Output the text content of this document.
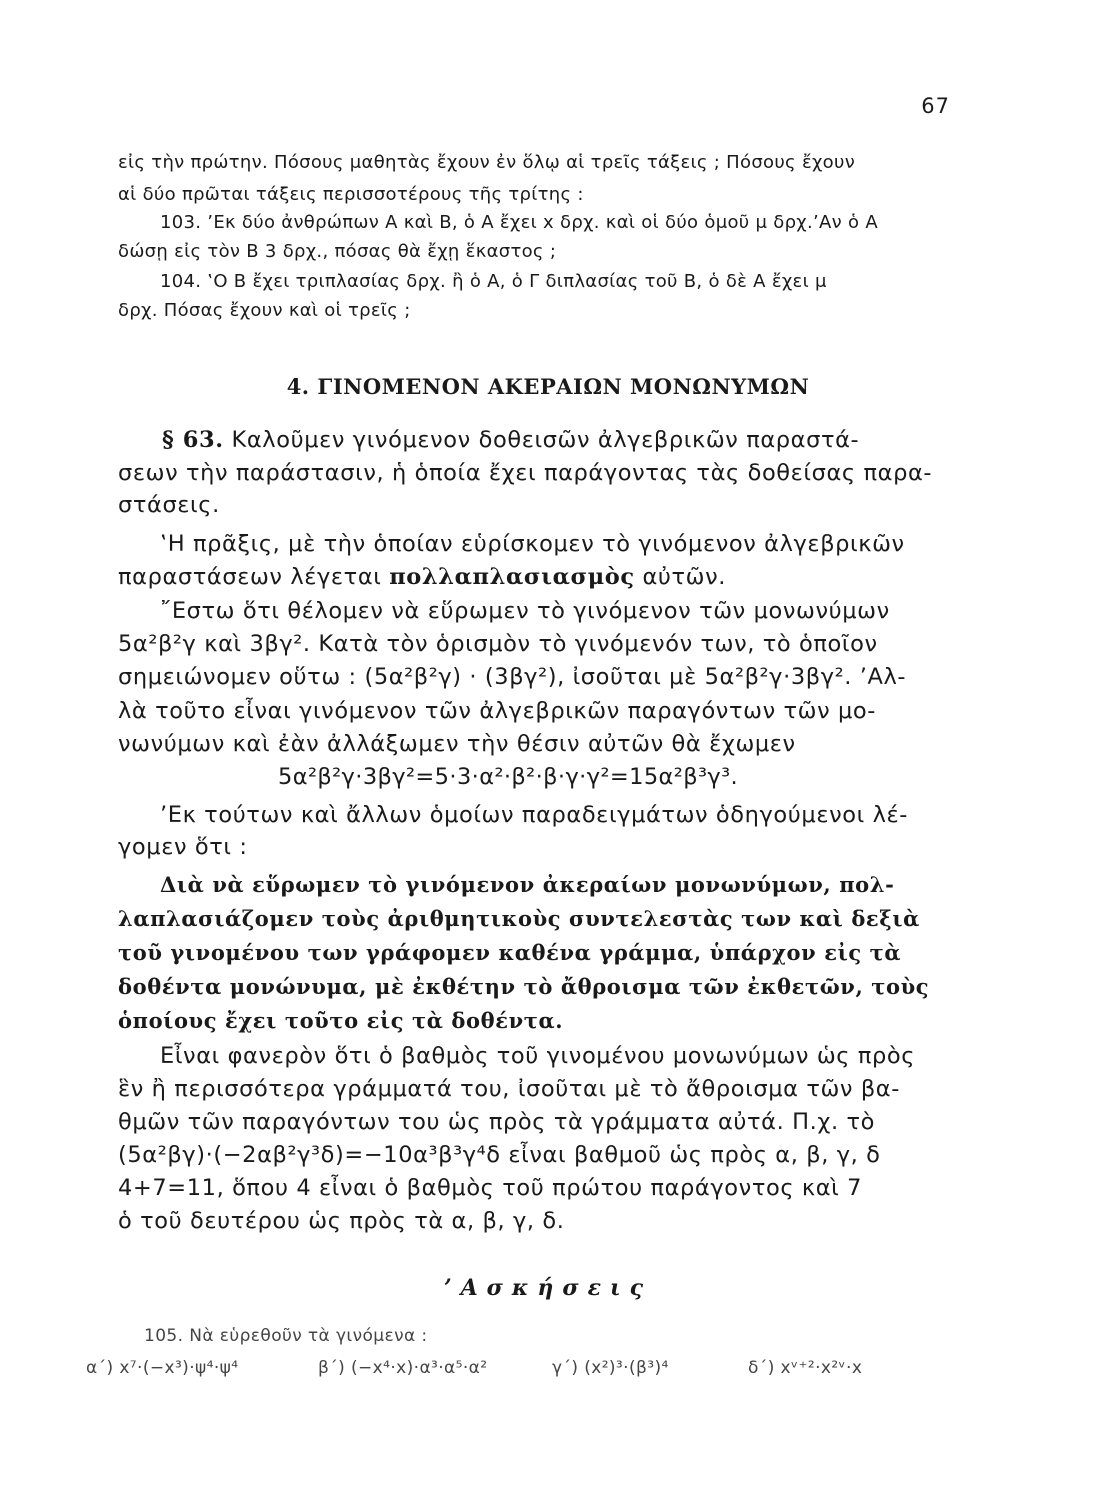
67
εἰς τὴν πρώτην. Πόσους μαθητὰς ἔχουν ἐν ὅλῳ αἱ τρεῖς τάξεις ; Πόσους ἔχουν
αἱ δύο πρῶται τάξεις περισσοτέρους τῆς τρίτης :
103. ’Εκ δύο ἀνθρώπων Α καὶ Β, ὁ Α ἔχει x δρχ. καὶ οἱ δύο ὁμοῦ μ δρχ.’Αν ὁ Α
δώσῃ εἰς τὸν Β 3 δρχ., πόσας θὰ ἔχῃ ἕκαστος ;
104. ‛Ο Β ἔχει τριπλασίας δρχ. ἢ ὁ Α, ὁ Γ διπλασίας τοῦ Β, ὁ δὲ Α ἔχει μ
δρχ. Πόσας ἔχουν καὶ οἱ τρεῖς ;
4. ΓΙΝΟΜΕΝΟΝ ΑΚΕΡΑΙΩΝ ΜΟΝΩΝΥΜΩΝ
§ 63. Καλοῦμεν γινόμενον δοθεισῶν ἀλγεβρικῶν παραστά-
σεων τὴν παράστασιν, ἡ ὁποία ἔχει παράγοντας τὰς δοθείσας παρα-
στάσεις.
‛Η πρᾶξις, μὲ τὴν ὁποίαν εὑρίσκομεν τὸ γινόμενον ἀλγεβρικῶν
παραστάσεων λέγεται πολλαπλασιασμὸς αὐτῶν.
῎Εστω ὅτι θέλομεν νὰ εὕρωμεν τὸ γινόμενον τῶν μονωνύμων
5α²β²γ καὶ 3βγ². Κατὰ τὸν ὁρισμὸν τὸ γινόμενόν των, τὸ ὁποῖον
σημειώνομεν οὕτω : (5α²β²γ) · (3βγ²), ἰσοῦται μὲ 5α²β²γ·3βγ². ’Αλ-
λὰ τοῦτο εἶναι γινόμενον τῶν ἀλγεβρικῶν παραγόντων τῶν μο-
νωνύμων καὶ ἐὰν ἀλλάξωμεν τὴν θέσιν αὐτῶν θὰ ἔχωμεν
5α²β²γ·3βγ²=5·3·α²·β²·β·γ·γ²=15α²β³γ³.
’Εκ τούτων καὶ ἄλλων ὁμοίων παραδειγμάτων ὁδηγούμενοι λέ-
γομεν ὅτι :
Διὰ νὰ εὕρωμεν τὸ γινόμενον ἀκεραίων μονωνύμων, πολ-
λαπλασιάζομεν τοὺς ἀριθμητικοὺς συντελεστὰς των καὶ δεξιὰ
τοῦ γινομένου των γράφομεν καθένα γράμμα, ὑπάρχον εἰς τὰ
δοθέντα μονώνυμα, μὲ ἐκθέτην τὸ ἄθροισμα τῶν ἐκθετῶν, τοὺς
ὁποίους ἔχει τοῦτο εἰς τὰ δοθέντα.
Εἶναι φανερὸν ὅτι ὁ βαθμὸς τοῦ γινομένου μονωνύμων ὡς πρὸς
ἓν ἢ περισσότερα γράμματά του, ἰσοῦται μὲ τὸ ἄθροισμα τῶν βα-
θμῶν τῶν παραγόντων του ὡς πρὸς τὰ γράμματα αὐτά. Π.χ. τὸ
(5α²βγ)·(−2αβ²γ³δ)=−10α³β³γ⁴δ εἶναι βαθμοῦ ὡς πρὸς α, β, γ, δ
4+7=11, ὅπου 4 εἶναι ὁ βαθμὸς τοῦ πρώτου παράγοντος καὶ 7
ὁ τοῦ δευτέρου ὡς πρὸς τὰ α, β, γ, δ.
’Ασκήσεις
105. Νὰ εὑρεθοῦν τὰ γινόμενα :
α΄) x⁷·(−x³)·ψ⁴·ψ⁴	β΄) (−x⁴·x)·α³·α⁵·α²	γ΄) (x²)³·(β³)⁴	δ΄) xᵛ⁺²·x²ᵛ·x
